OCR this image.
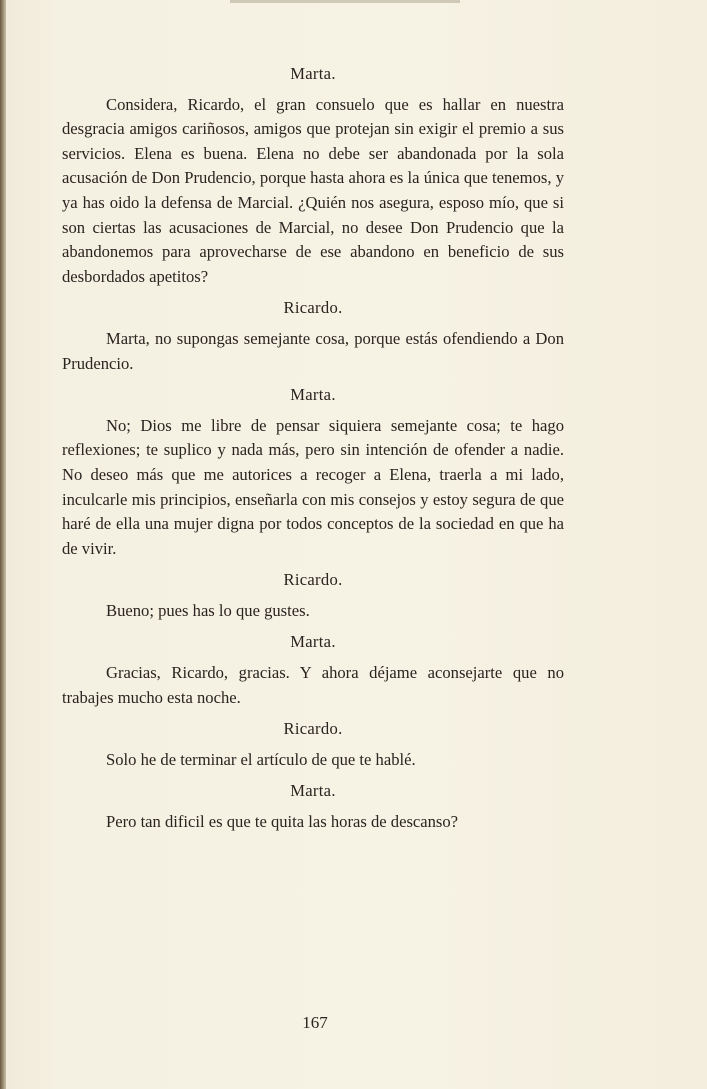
Marta.

Considera, Ricardo, el gran consuelo que es hallar en nuestra desgracia amigos cariñosos, amigos que protejan sin exigir el premio a sus servicios. Elena es buena. Elena no debe ser abandonada por la sola acusación de Don Prudencio, porque hasta ahora es la única que tenemos, y ya has oido la defensa de Marcial. ¿Quién nos asegura, esposo mío, que si son ciertas las acusaciones de Marcial, no desee Don Prudencio que la abandonemos para aprovecharse de ese abandono en beneficio de sus desbordados apetitos?

Ricardo.

Marta, no supongas semejante cosa, porque estás ofendiendo a Don Prudencio.

Marta.

No; Dios me libre de pensar siquiera semejante cosa; te hago reflexiones; te suplico y nada más, pero sin intención de ofender a nadie. No deseo más que me autorices a recoger a Elena, traerla a mi lado, inculcarle mis principios, enseñarla con mis consejos y estoy segura de que haré de ella una mujer digna por todos conceptos de la sociedad en que ha de vivir.

Ricardo.

Bueno; pues has lo que gustes.

Marta.

Gracias, Ricardo, gracias. Y ahora déjame aconsejarte que no trabajes mucho esta noche.

Ricardo.

Solo he de terminar el artículo de que te hablé.

Marta.

Pero tan dificil es que te quita las horas de descanso?

167
